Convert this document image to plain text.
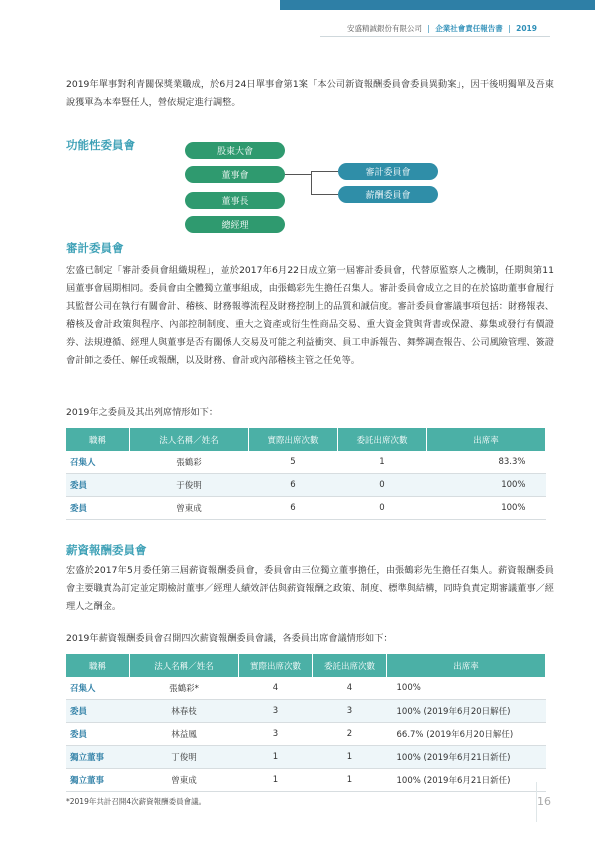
安盛精誠銀份有限公司 | 企業社會責任報告書 | 2019
2019年單事對利青關保獎業職成，於6月24日單事會第1案「本公司新資報酬委員會委員異動案」，因干後明獨單及吾東說獲單為本奉豎任人，營依規定進行調整。
功能性委員會	股東大會
董事會
董事長
總經理
審計委員會
薪酬委員會
審計委員會
宏盛已制定「審計委員會組織規程」，並於2017年6月22日成立第一屆審計委員會，代替原監察人之機制，任期與第11屆董事會屆期相同。委員會由全體獨立董事組成，由張鶴彩先生擔任召集人。審計委員會成立之目的在於協助董事會履行其監督公司在執行有關會計、稽核、財務報導流程及財務控制上的品質和誠信度。審計委員會審議事項包括：財務報表、稽核及會計政策與程序、內部控制制度、重大之資產或衍生性商品交易、重大資金貸與背書或保證、募集或發行有價證券、法規遵循、經理人與董事是否有關係人交易及可能之利益衝突、員工申訴報告、舞弊調查報告、公司風險管理、簽證會計師之委任、解任或報酬，以及財務、會計或內部稽核主管之任免等。
2019年之委員及其出列席情形如下：
職稱	法人名稱／姓名	實際出席次數	委託出席次數	出席率
召集人	張鶴彩	5	1	83.3%
委員	于俊明	6	0	100%
委員	曾東成	6	0	100%
薪資報酬委員會
宏盛於2017年5月委任第三屆薪資報酬委員會，委員會由三位獨立董事擔任，由張鶴彩先生擔任召集人。薪資報酬委員會主要職責為訂定並定期檢討董事／經理人績效評估與薪資報酬之政策、制度、標準與結構，同時負責定期審議董事／經理人之酬金。
2019年薪資報酬委員會召開四次薪資報酬委員會議，各委員出席會議情形如下：
職稱	法人名稱／姓名	實際出席次數	委託出席次數	出席率
召集人	張鶴彩*	4	4	100%
委員	林春枝	3	3	100% (2019年6月20日解任)
委員	林益鳳	3	2	66.7% (2019年6月20日解任)
獨立董事	丁俊明	1	1	100% (2019年6月21日新任)
獨立董事	曾東成	1	1	100% (2019年6月21日新任)
*2019年共計召開4次薪資報酬委員會議。	16
